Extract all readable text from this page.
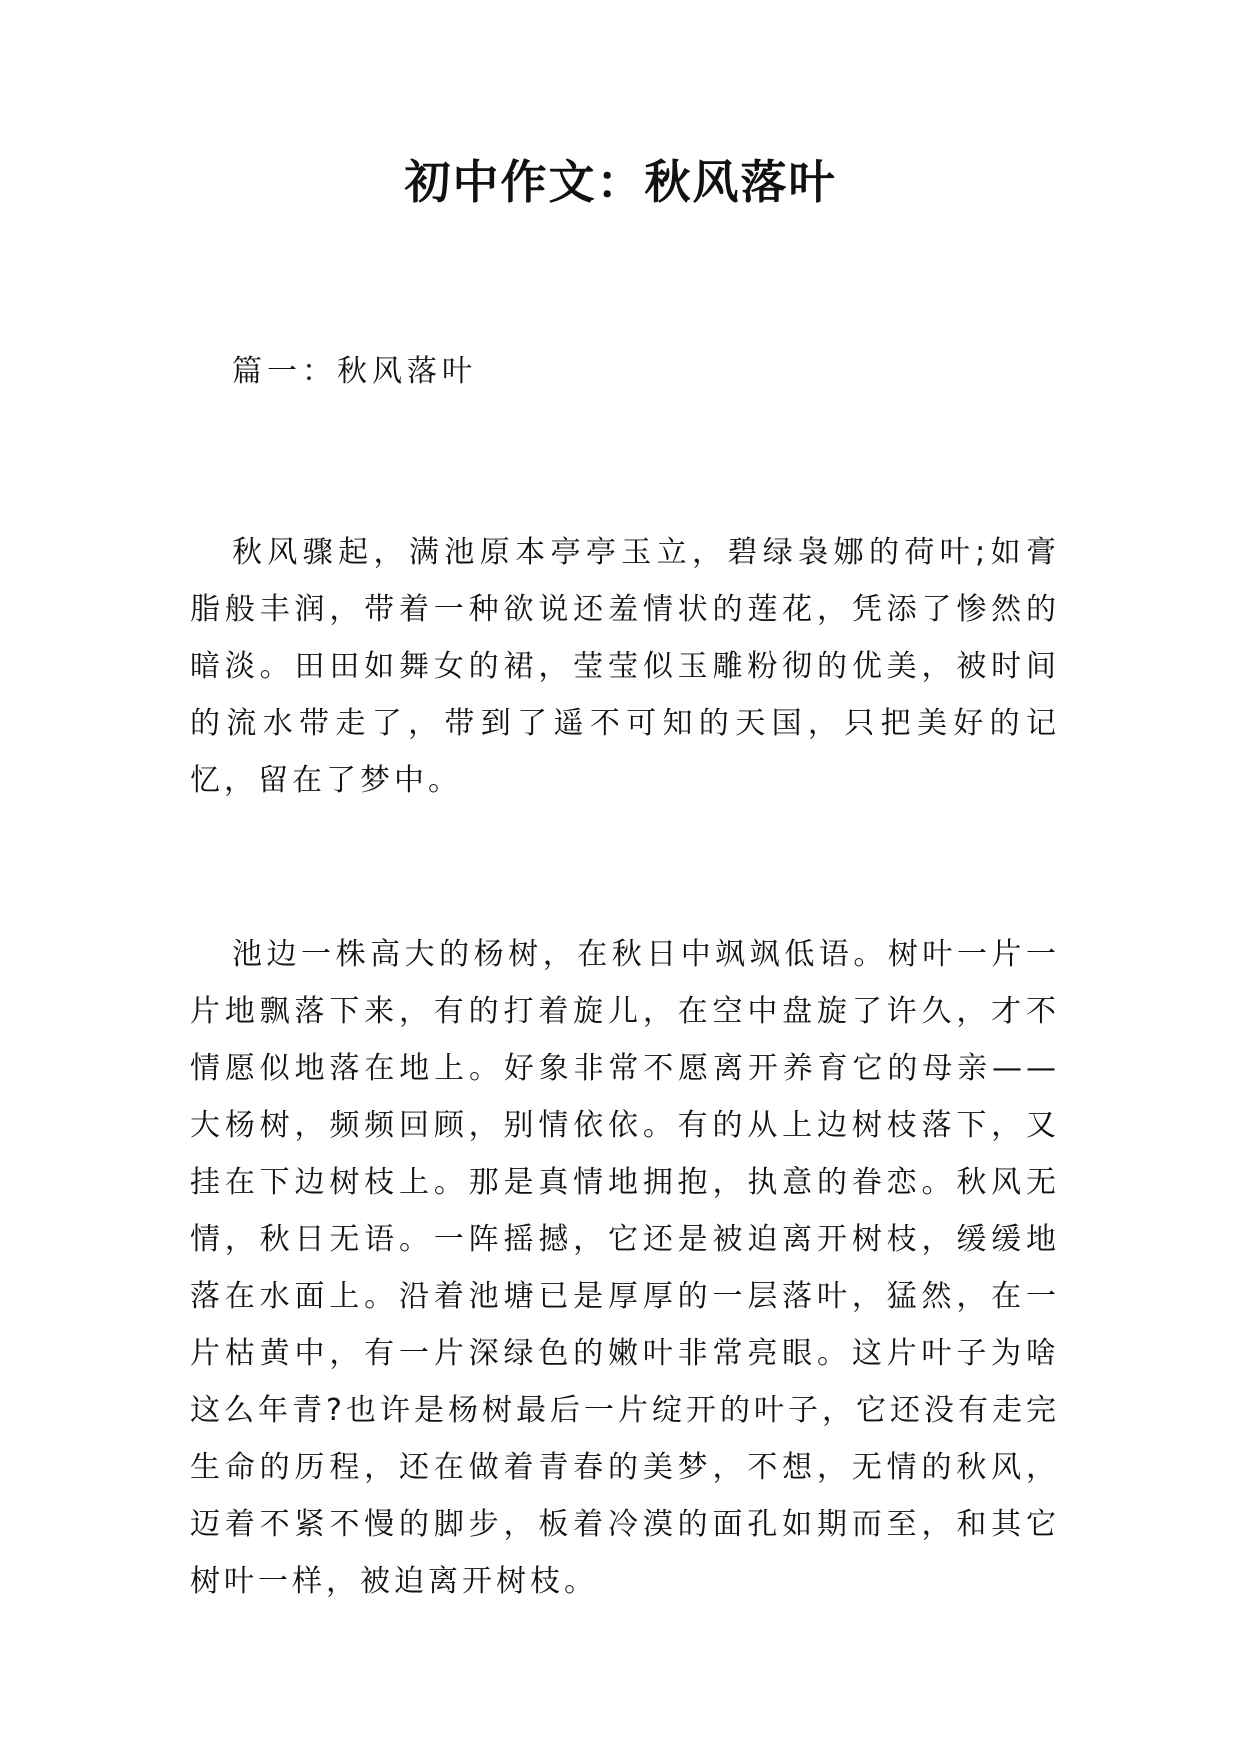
初中作文：秋风落叶
篇一：秋风落叶

秋风骤起，满池原本亭亭玉立，碧绿袅娜的荷叶;如膏脂般丰润，带着一种欲说还羞情状的莲花，凭添了惨然的暗淡。田田如舞女的裙，莹莹似玉雕粉彻的优美，被时间的流水带走了，带到了遥不可知的天国，只把美好的记忆，留在了梦中。

池边一株高大的杨树，在秋日中飒飒低语。树叶一片一片地飘落下来，有的打着旋儿，在空中盘旋了许久，才不情愿似地落在地上。好象非常不愿离开养育它的母亲——大杨树，频频回顾，别情依依。有的从上边树枝落下，又挂在下边树枝上。那是真情地拥抱，执意的眷恋。秋风无情，秋日无语。一阵摇撼，它还是被迫离开树枝，缓缓地落在水面上。沿着池塘已是厚厚的一层落叶，猛然，在一片枯黄中，有一片深绿色的嫩叶非常亮眼。这片叶子为啥这么年青?也许是杨树最后一片绽开的叶子，它还没有走完生命的历程，还在做着青春的美梦，不想，无情的秋风，迈着不紧不慢的脚步，板着冷漠的面孔如期而至，和其它树叶一样，被迫离开树枝。
